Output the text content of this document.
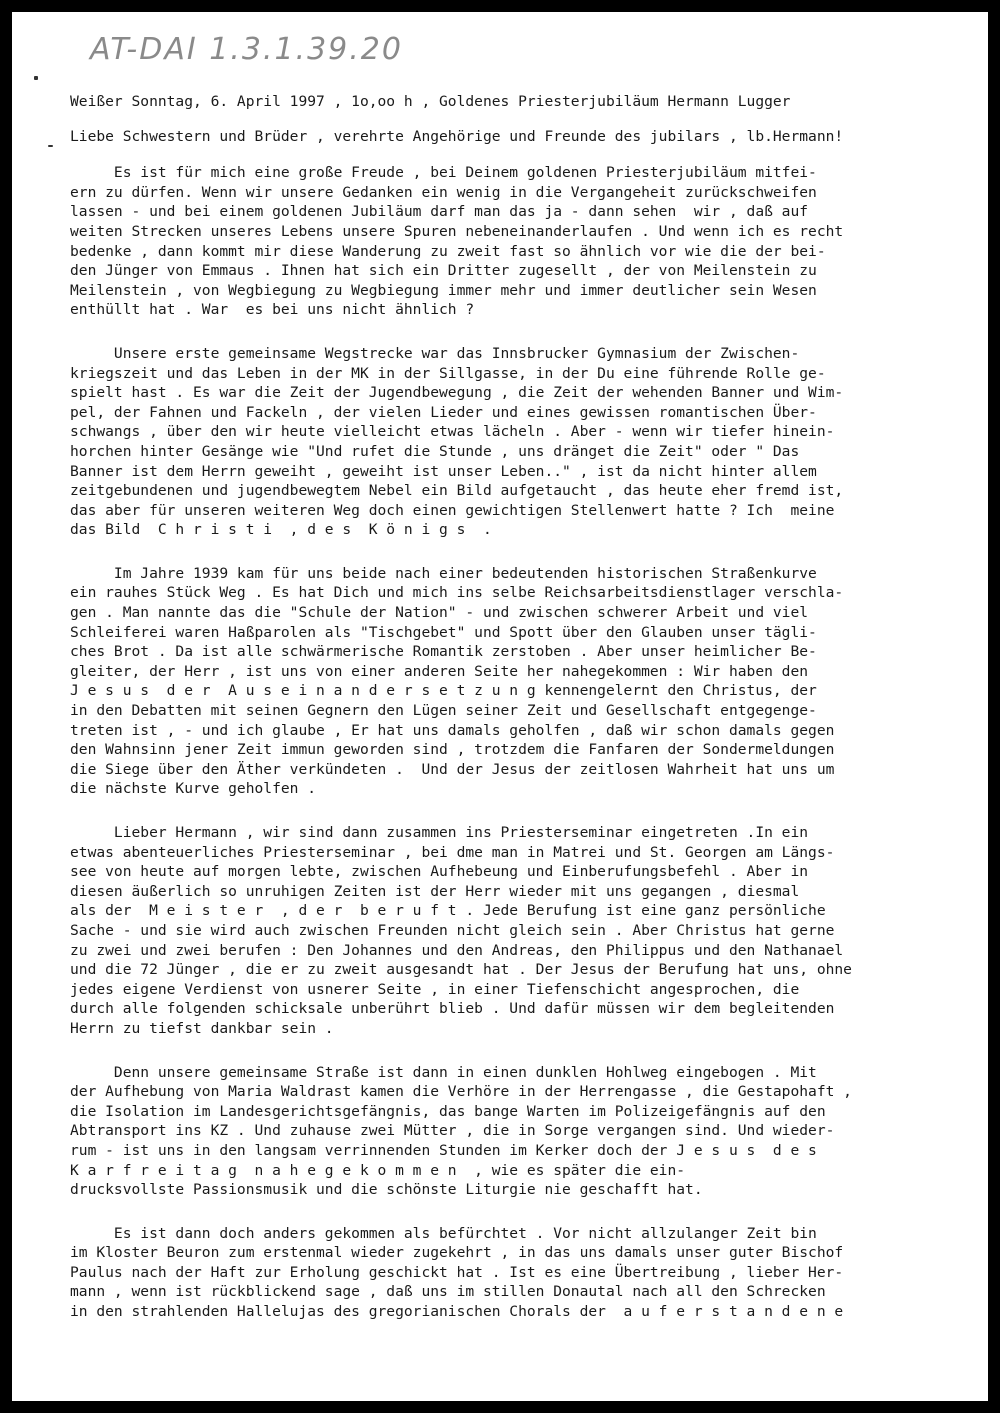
AT-DAI 1.3.1.39.20
Weißer Sonntag, 6. April 1997 , 1o,oo h , Goldenes Priesterjubiläum Hermann Lugger
Liebe Schwestern und Brüder , verehrte Angehörige und Freunde des jubilars , lb.Hermann!
Es ist für mich eine große Freude , bei Deinem goldenen Priesterjubiläum mitfei-
ern zu dürfen. Wenn wir unsere Gedanken ein wenig in die Vergangeheit zurückschweifen
lassen - und bei einem goldenen Jubiläum darf man das ja - dann sehen  wir , daß auf
weiten Strecken unseres Lebens unsere Spuren nebeneinanderlaufen . Und wenn ich es recht
bedenke , dann kommt mir diese Wanderung zu zweit fast so ähnlich vor wie die der bei-
den Jünger von Emmaus . Ihnen hat sich ein Dritter zugesellt , der von Meilenstein zu
Meilenstein , von Wegbiegung zu Wegbiegung immer mehr und immer deutlicher sein Wesen
enthüllt hat . War  es bei uns nicht ähnlich ?
Unsere erste gemeinsame Wegstrecke war das Innsbrucker Gymnasium der Zwischen-
kriegszeit und das Leben in der MK in der Sillgasse, in der Du eine führende Rolle ge-
spielt hast . Es war die Zeit der Jugendbewegung , die Zeit der wehenden Banner und Wim-
pel, der Fahnen und Fackeln , der vielen Lieder und eines gewissen romantischen Über-
schwangs , über den wir heute vielleicht etwas lächeln . Aber - wenn wir tiefer hinein-
horchen hinter Gesänge wie "Und rufet die Stunde , uns dränget die Zeit" oder " Das
Banner ist dem Herrn geweiht , geweiht ist unser Leben.." , ist da nicht hinter allem
zeitgebundenen und jugendbewegtem Nebel ein Bild aufgetaucht , das heute eher fremd ist,
das aber für unseren weiteren Weg doch einen gewichtigen Stellenwert hatte ? Ich  meine
das Bild  C h r i s t i  , d e s  K ö n i g s  .
Im Jahre 1939 kam für uns beide nach einer bedeutenden historischen Straßenkurve
ein rauhes Stück Weg . Es hat Dich und mich ins selbe Reichsarbeitsdienstlager verschla-
gen . Man nannte das die "Schule der Nation" - und zwischen schwerer Arbeit und viel
Schleiferei waren Haßparolen als "Tischgebet" und Spott über den Glauben unser tägli-
ches Brot . Da ist alle schwärmerische Romantik zerstoben . Aber unser heimlicher Be-
gleiter, der Herr , ist uns von einer anderen Seite her nahegekommen : Wir haben den
J e s u s  d e r  A u s e i n a n d e r s e t z u n g kennengelernt den Christus, der
in den Debatten mit seinen Gegnern den Lügen seiner Zeit und Gesellschaft entgegenge-
treten ist , - und ich glaube , Er hat uns damals geholfen , daß wir schon damals gegen
den Wahnsinn jener Zeit immun geworden sind , trotzdem die Fanfaren der Sondermeldungen
die Siege über den Äther verkündeten .  Und der Jesus der zeitlosen Wahrheit hat uns um
die nächste Kurve geholfen .
Lieber Hermann , wir sind dann zusammen ins Priesterseminar eingetreten .In ein
etwas abenteuerliches Priesterseminar , bei dme man in Matrei und St. Georgen am Längs-
see von heute auf morgen lebte, zwischen Aufhebeung und Einberufungsbefehl . Aber in
diesen äußerlich so unruhigen Zeiten ist der Herr wieder mit uns gegangen , diesmal
als der  M e i s t e r  , d e r  b e r u f t . Jede Berufung ist eine ganz persönliche
Sache - und sie wird auch zwischen Freunden nicht gleich sein . Aber Christus hat gerne
zu zwei und zwei berufen : Den Johannes und den Andreas, den Philippus und den Nathanael
und die 72 Jünger , die er zu zweit ausgesandt hat . Der Jesus der Berufung hat uns, ohne
jedes eigene Verdienst von usnerer Seite , in einer Tiefenschicht angesprochen, die
durch alle folgenden schicksale unberührt blieb . Und dafür müssen wir dem begleitenden
Herrn zu tiefst dankbar sein .
Denn unsere gemeinsame Straße ist dann in einen dunklen Hohlweg eingebogen . Mit
der Aufhebung von Maria Waldrast kamen die Verhöre in der Herrengasse , die Gestapohaft ,
die Isolation im Landesgerichtsgefängnis, das bange Warten im Polizeigefängnis auf den
Abtransport ins KZ . Und zuhause zwei Mütter , die in Sorge vergangen sind. Und wieder-
rum - ist uns in den langsam verrinnenden Stunden im Kerker doch der J e s u s  d e s
K a r f r e i t a g  n a h e g e k o m m e n  , wie es später die ein-
drucksvollste Passionsmusik und die schönste Liturgie nie geschafft hat.
Es ist dann doch anders gekommen als befürchtet . Vor nicht allzulanger Zeit bin
im Kloster Beuron zum erstenmal wieder zugekehrt , in das uns damals unser guter Bischof
Paulus nach der Haft zur Erholung geschickt hat . Ist es eine Übertreibung , lieber Her-
mann , wenn ist rückblickend sage , daß uns im stillen Donautal nach all den Schrecken
in den strahlenden Hallelujas des gregorianischen Chorals der  a u f e r s t a n d e n e
